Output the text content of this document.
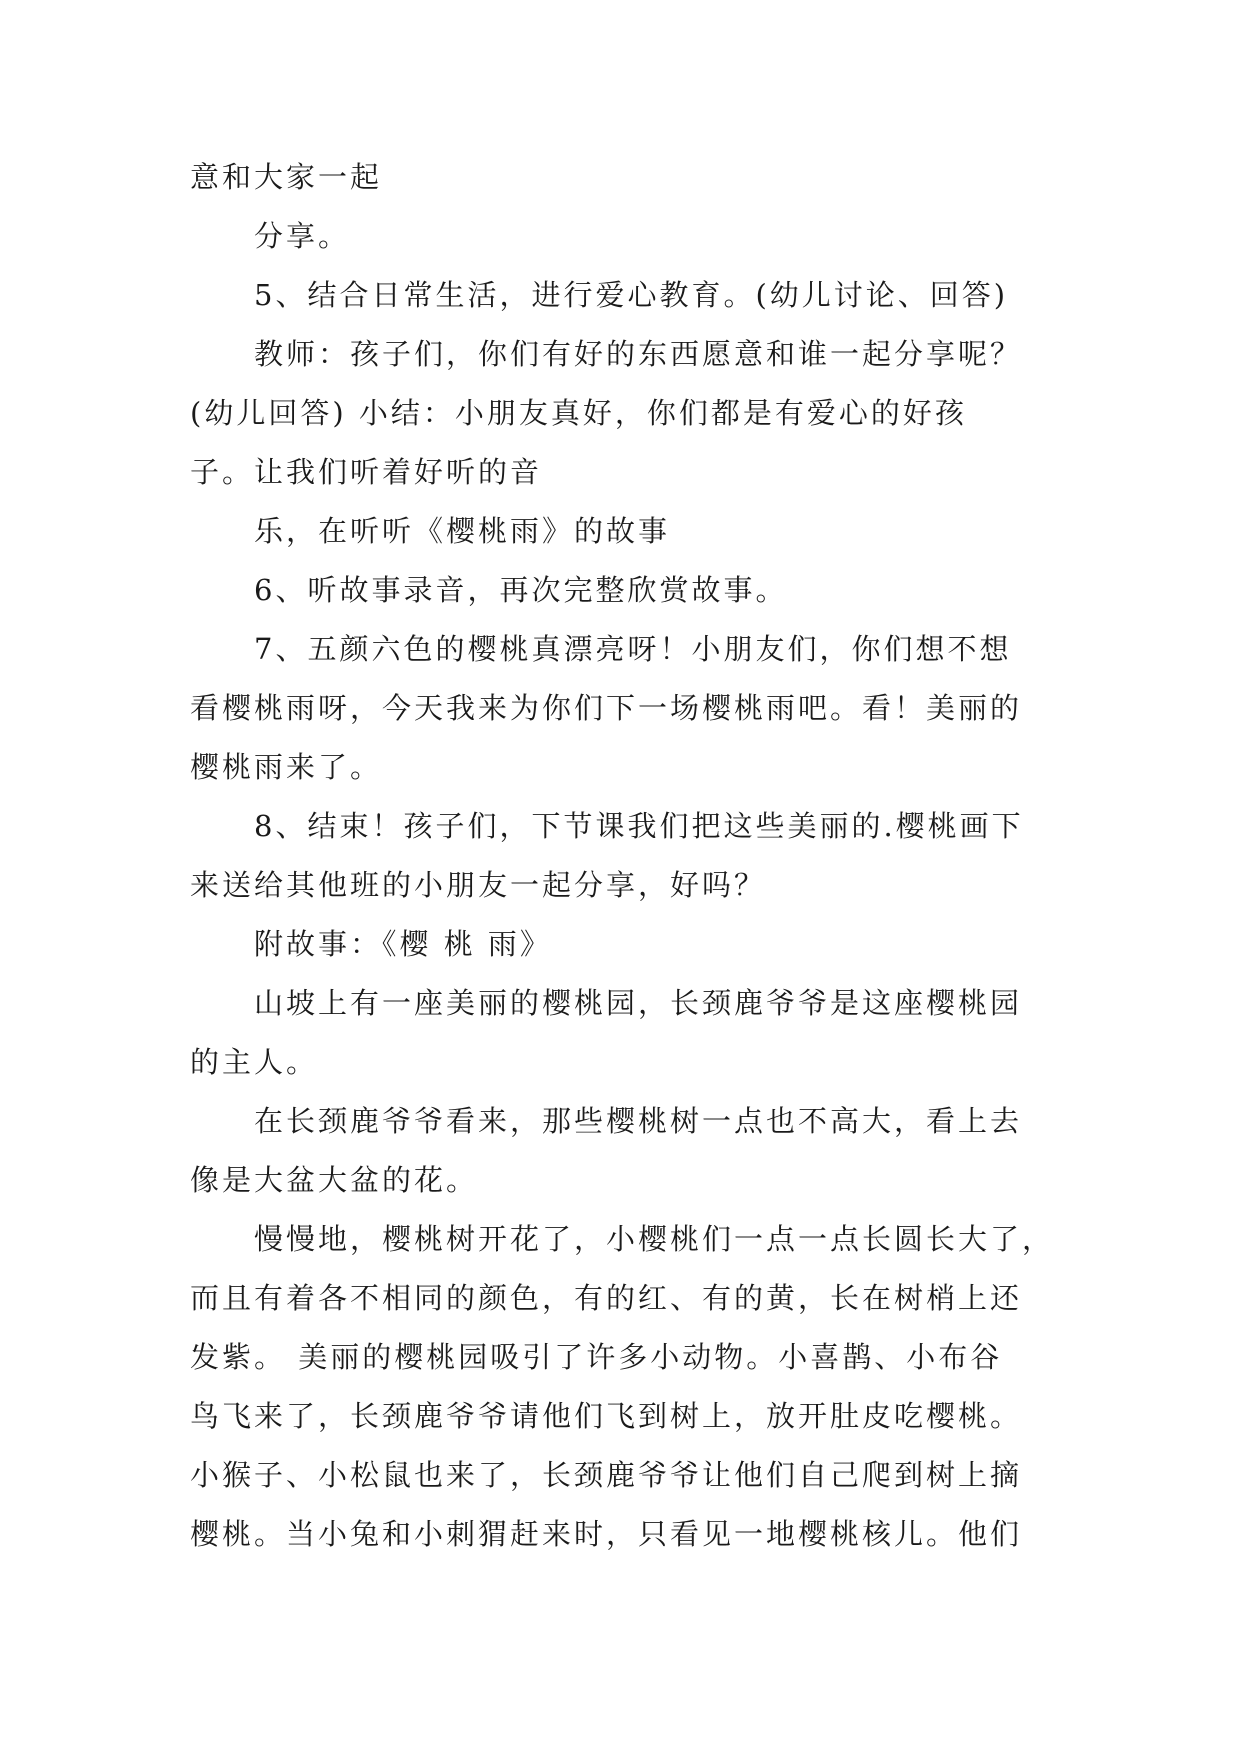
意和大家一起
分享。
5、结合日常生活，进行爱心教育。(幼儿讨论、回答)
教师：孩子们，你们有好的东西愿意和谁一起分享呢？
(幼儿回答) 小结：小朋友真好，你们都是有爱心的好孩
子。让我们听着好听的音
乐，在听听《樱桃雨》的故事
6、听故事录音，再次完整欣赏故事。
7、五颜六色的樱桃真漂亮呀！小朋友们，你们想不想
看樱桃雨呀，今天我来为你们下一场樱桃雨吧。看！美丽的
樱桃雨来了。
8、结束！孩子们，下节课我们把这些美丽的.樱桃画下
来送给其他班的小朋友一起分享，好吗？
附故事：《樱 桃 雨》
山坡上有一座美丽的樱桃园，长颈鹿爷爷是这座樱桃园
的主人。
在长颈鹿爷爷看来，那些樱桃树一点也不高大，看上去
像是大盆大盆的花。
慢慢地，樱桃树开花了，小樱桃们一点一点长圆长大了，
而且有着各不相同的颜色，有的红、有的黄，长在树梢上还
发紫。 美丽的樱桃园吸引了许多小动物。小喜鹊、小布谷
鸟飞来了，长颈鹿爷爷请他们飞到树上，放开肚皮吃樱桃。
小猴子、小松鼠也来了，长颈鹿爷爷让他们自己爬到树上摘
樱桃。当小兔和小刺猬赶来时，只看见一地樱桃核儿。他们
